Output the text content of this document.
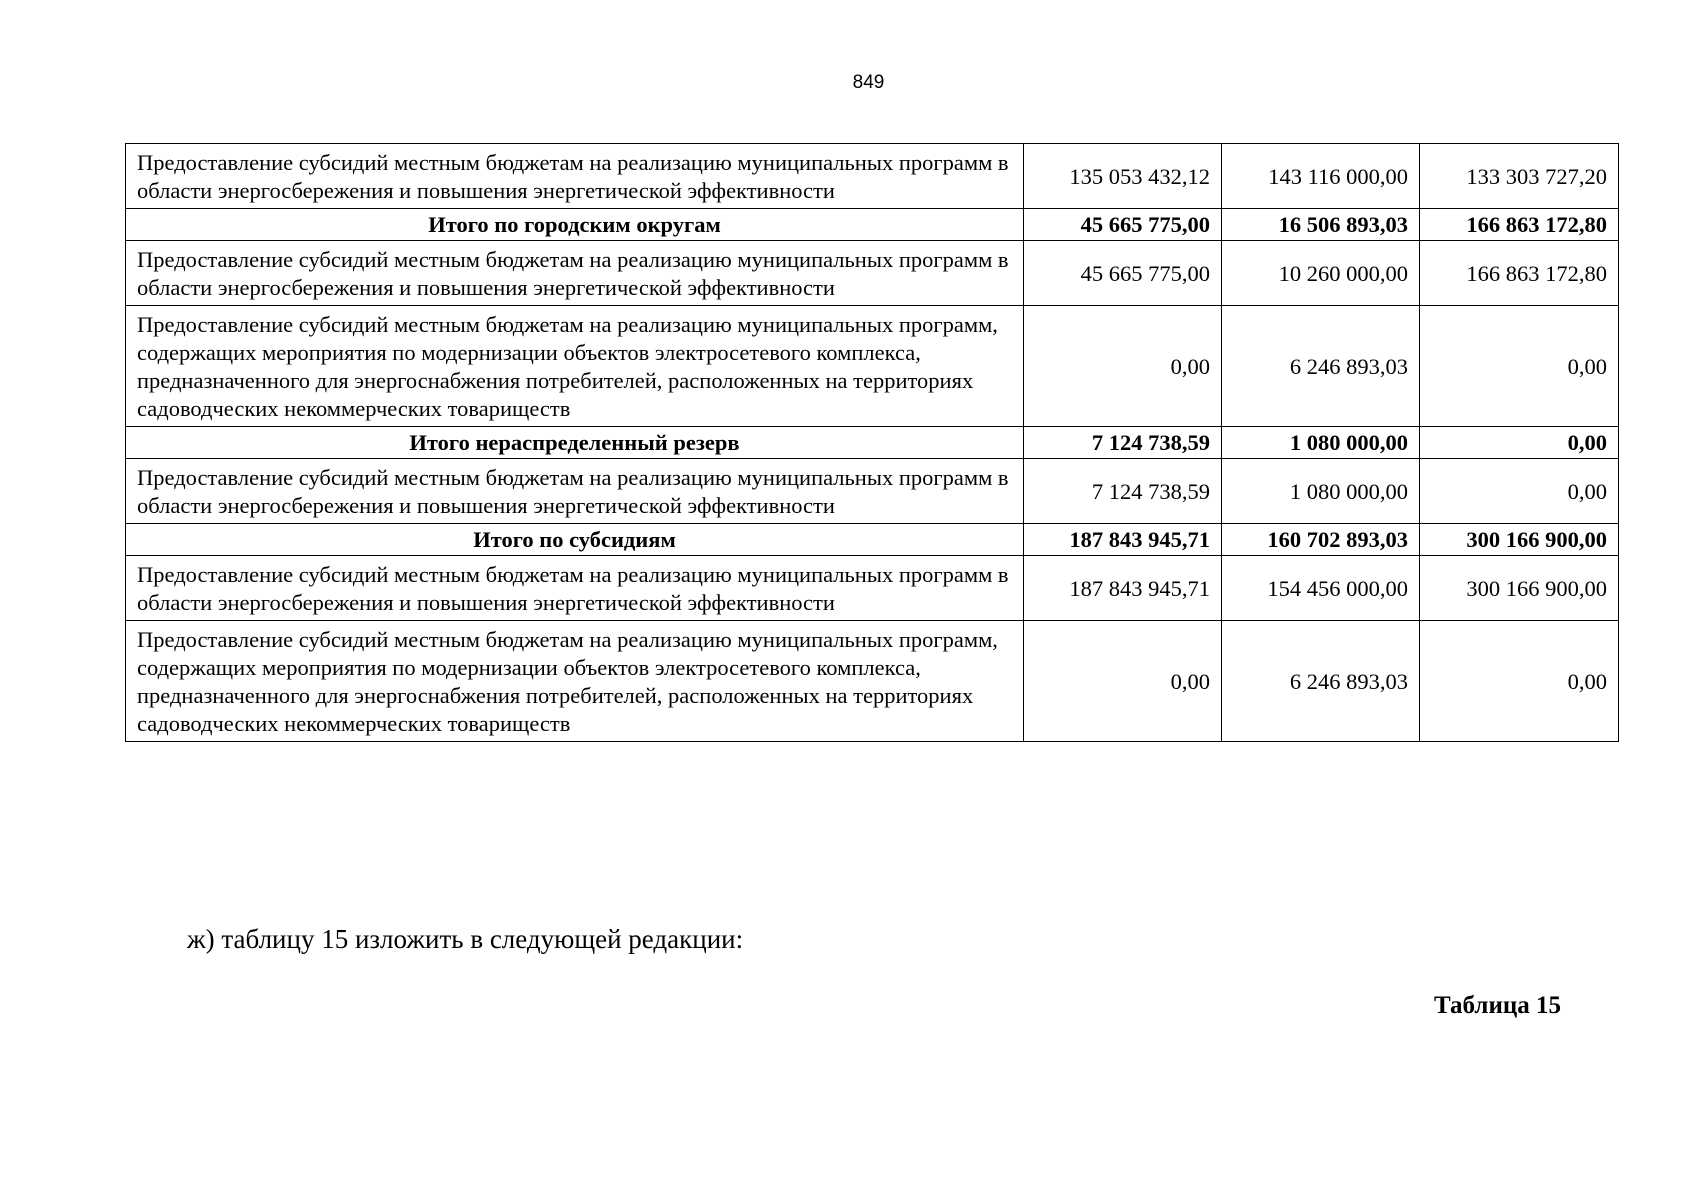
849
Предоставление субсидий местным бюджетам на реализацию муниципальных программ в области энергосбережения и повышения энергетической эффективности	135 053 432,12	143 116 000,00	133 303 727,20
Итого по городским округам	45 665 775,00	16 506 893,03	166 863 172,80
Предоставление субсидий местным бюджетам на реализацию муниципальных программ в области энергосбережения и повышения энергетической эффективности	45 665 775,00	10 260 000,00	166 863 172,80
Предоставление субсидий местным бюджетам на реализацию муниципальных программ, содержащих мероприятия по модернизации объектов электросетевого комплекса, предназначенного для энергоснабжения потребителей, расположенных на территориях садоводческих некоммерческих товариществ	0,00	6 246 893,03	0,00
Итого нераспределенный резерв	7 124 738,59	1 080 000,00	0,00
Предоставление субсидий местным бюджетам на реализацию муниципальных программ в области энергосбережения и повышения энергетической эффективности	7 124 738,59	1 080 000,00	0,00
Итого по субсидиям	187 843 945,71	160 702 893,03	300 166 900,00
Предоставление субсидий местным бюджетам на реализацию муниципальных программ в области энергосбережения и повышения энергетической эффективности	187 843 945,71	154 456 000,00	300 166 900,00
Предоставление субсидий местным бюджетам на реализацию муниципальных программ, содержащих мероприятия по модернизации объектов электросетевого комплекса, предназначенного для энергоснабжения потребителей, расположенных на территориях садоводческих некоммерческих товариществ	0,00	6 246 893,03	0,00
ж) таблицу 15 изложить в следующей редакции:
Таблица 15
